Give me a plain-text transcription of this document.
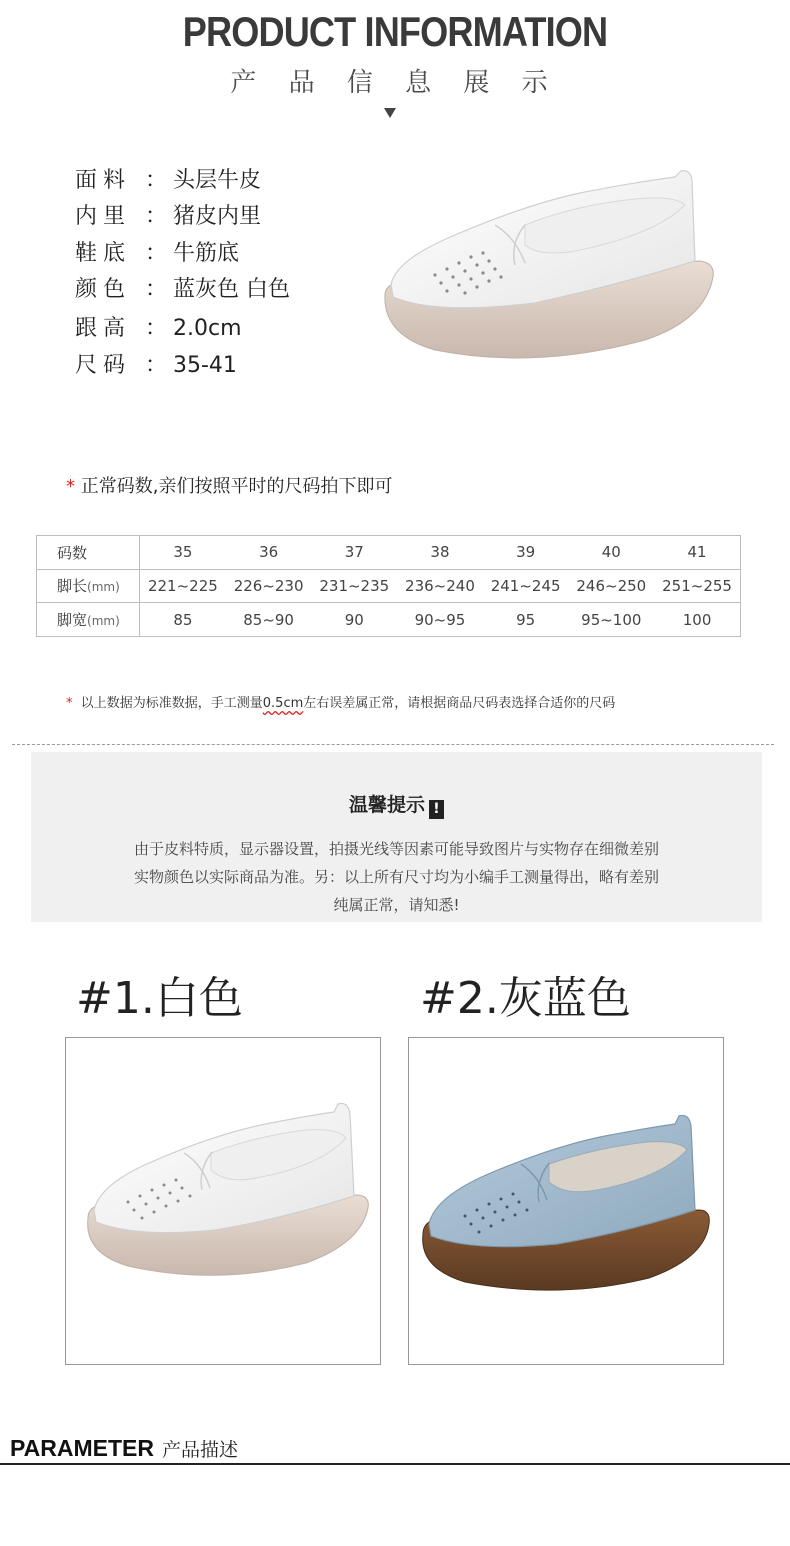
PRODUCT INFORMATION
产 品 信 息 展 示
面料 ： 头层牛皮
内里 ： 猪皮内里
鞋底 ： 牛筋底
颜色 ： 蓝灰色 白色
跟高 ： 2.0cm
尺码 ： 35-41
* 正常码数,亲们按照平时的尺码拍下即可
码数	35	36	37	38	39	40	41
脚长(mm)	221~225	226~230	231~235	236~240	241~245	246~250	251~255
脚宽(mm)	85	85~90	90	90~95	95	95~100	100
* 以上数据为标准数据，手工测量0.5cm左右误差属正常，请根据商品尺码表选择合适你的尺码
温馨提示 !
由于皮料特质，显示器设置，拍摄光线等因素可能导致图片与实物存在细微差别
实物颜色以实际商品为准。另：以上所有尺寸均为小编手工测量得出，略有差别
纯属正常，请知悉!
#1.白色	#2.灰蓝色
PARAMETER 产品描述
